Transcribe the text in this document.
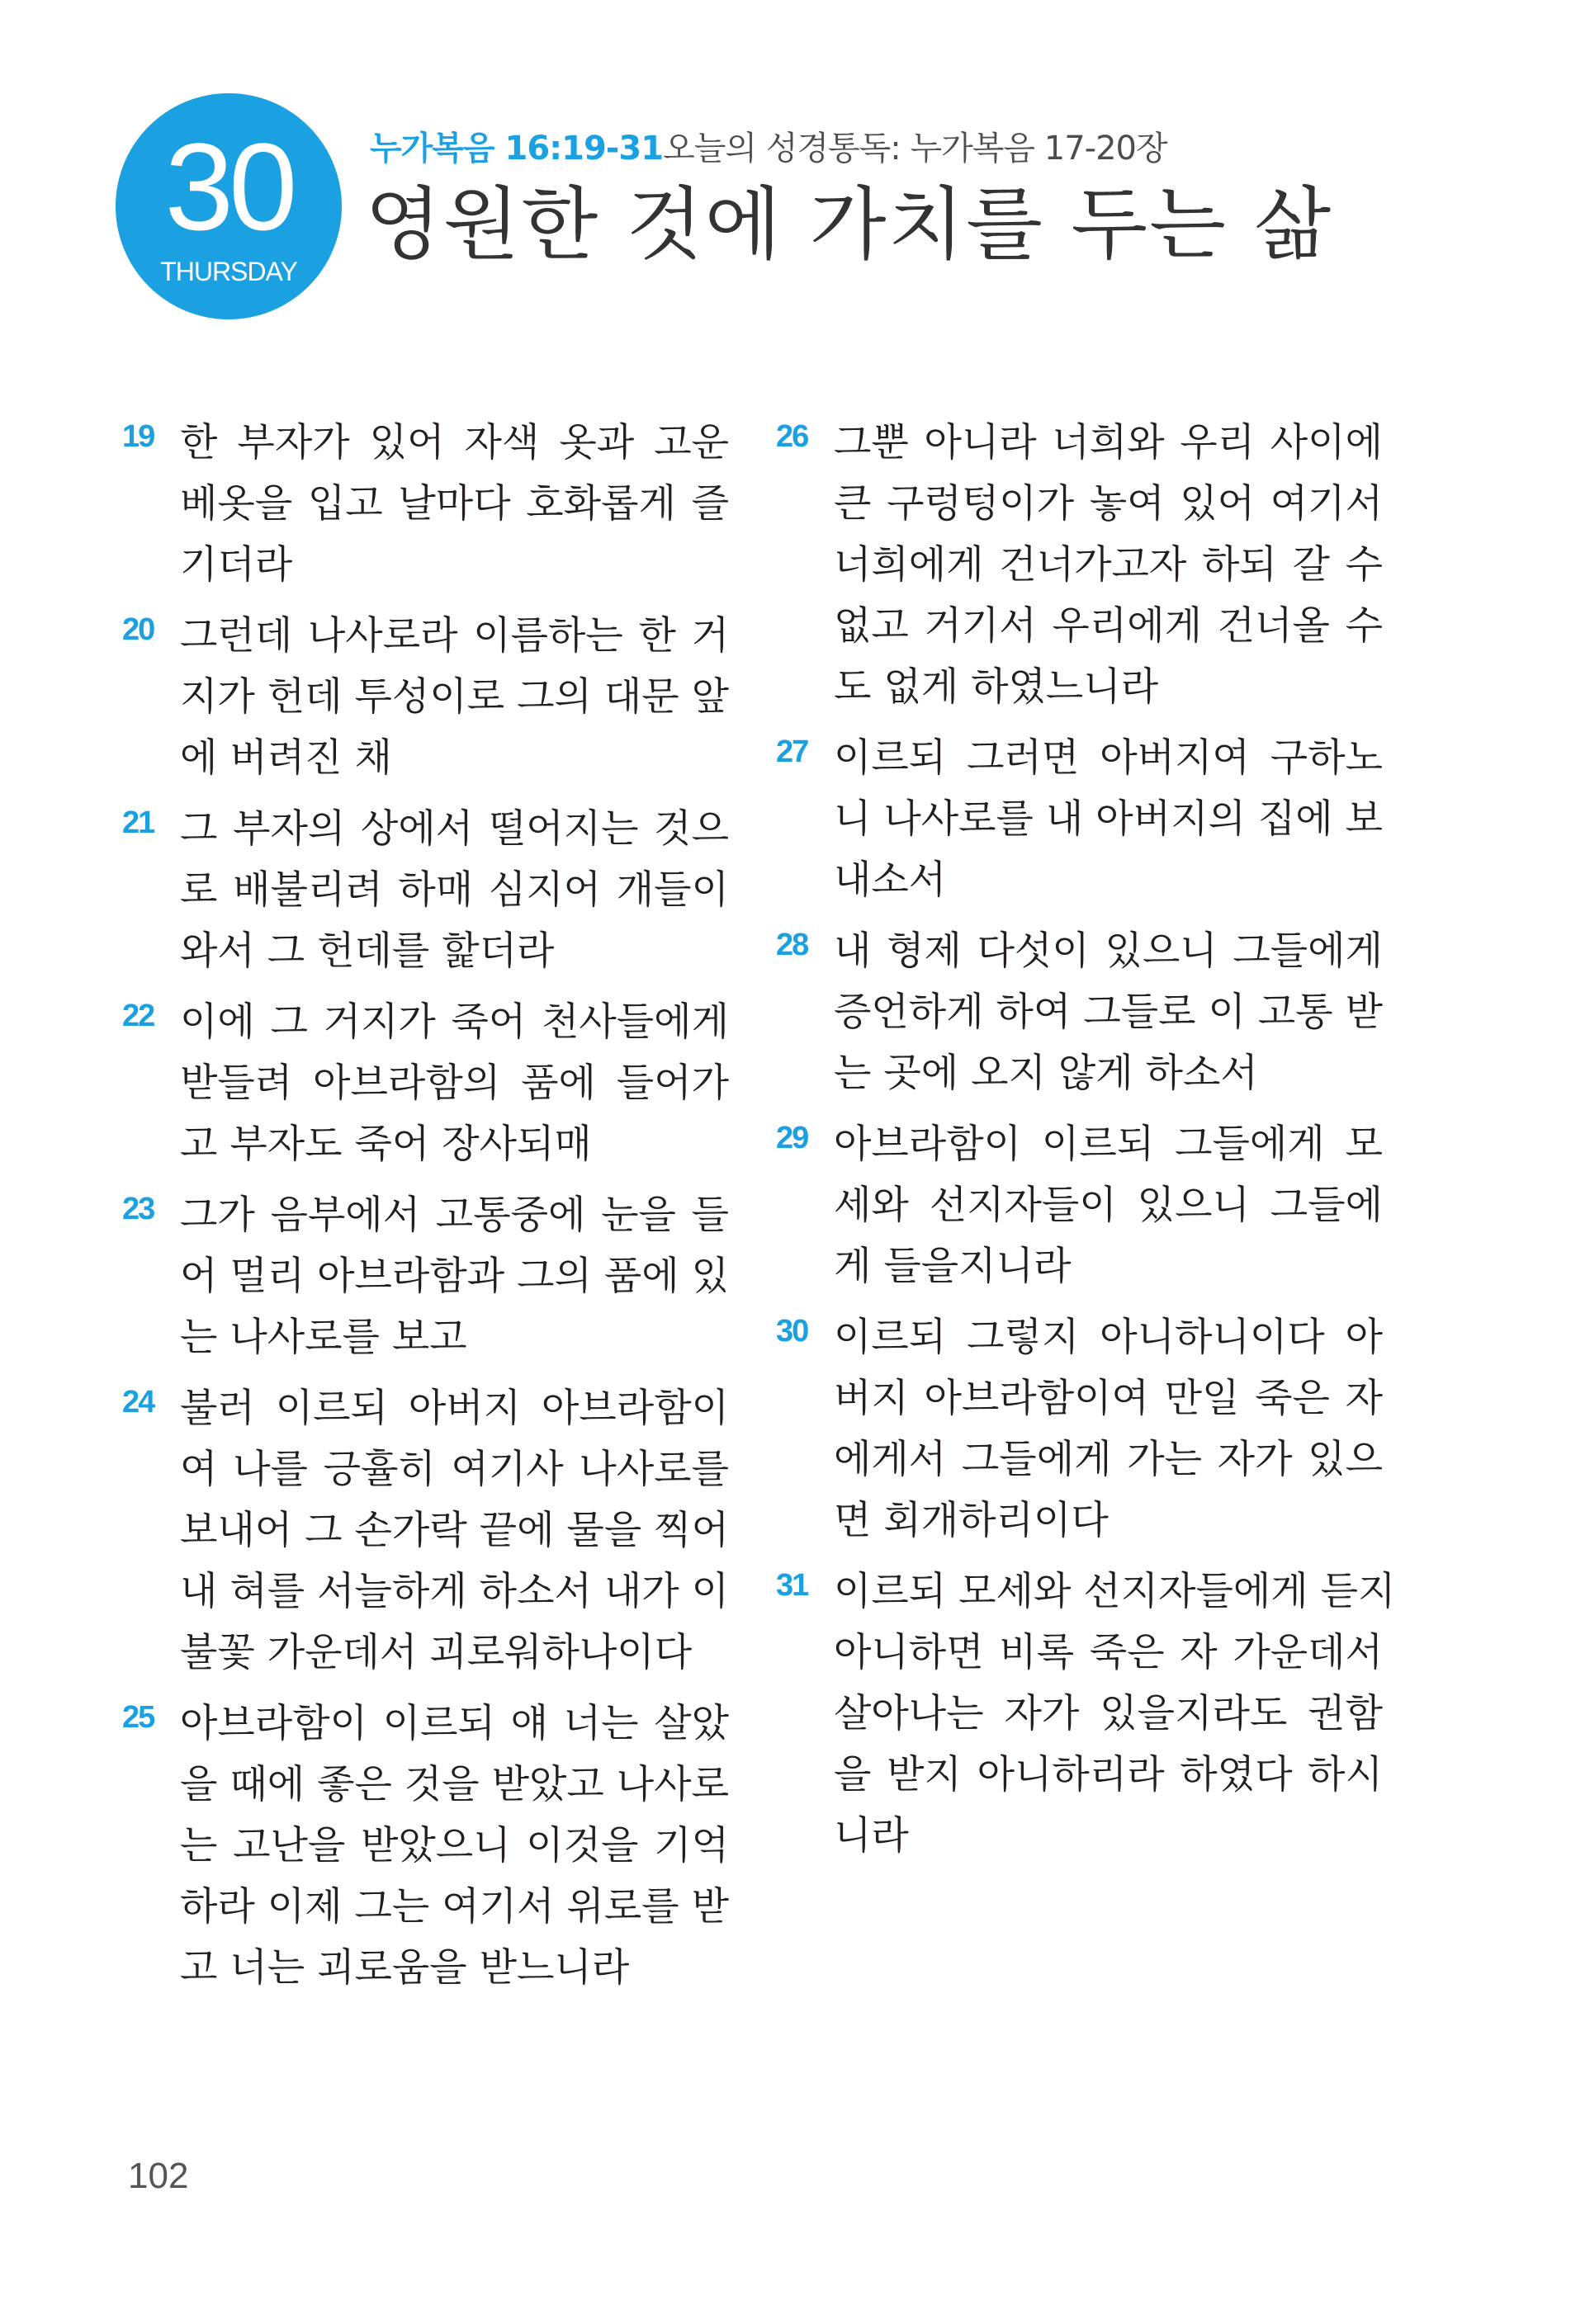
30
THURSDAY
누가복음 16:19-31오늘의 성경통독: 누가복음 17-20장
영원한 것에 가치를 두는 삶
19 한 부자가 있어 자색 옷과 고운
베옷을 입고 날마다 호화롭게 즐
기더라
20 그런데 나사로라 이름하는 한 거
지가 헌데 투성이로 그의 대문 앞
에 버려진 채
21 그 부자의 상에서 떨어지는 것으
로 배불리려 하매 심지어 개들이
와서 그 헌데를 핥더라
22 이에 그 거지가 죽어 천사들에게
받들려 아브라함의 품에 들어가
고 부자도 죽어 장사되매
23 그가 음부에서 고통중에 눈을 들
어 멀리 아브라함과 그의 품에 있
는 나사로를 보고
24 불러 이르되 아버지 아브라함이
여 나를 긍휼히 여기사 나사로를
보내어 그 손가락 끝에 물을 찍어
내 혀를 서늘하게 하소서 내가 이
불꽃 가운데서 괴로워하나이다
25 아브라함이 이르되 얘 너는 살았
을 때에 좋은 것을 받았고 나사로
는 고난을 받았으니 이것을 기억
하라 이제 그는 여기서 위로를 받
고 너는 괴로움을 받느니라
26 그뿐 아니라 너희와 우리 사이에
큰 구렁텅이가 놓여 있어 여기서
너희에게 건너가고자 하되 갈 수
없고 거기서 우리에게 건너올 수
도 없게 하였느니라
27 이르되 그러면 아버지여 구하노
니 나사로를 내 아버지의 집에 보
내소서
28 내 형제 다섯이 있으니 그들에게
증언하게 하여 그들로 이 고통 받
는 곳에 오지 않게 하소서
29 아브라함이 이르되 그들에게 모
세와 선지자들이 있으니 그들에
게 들을지니라
30 이르되 그렇지 아니하니이다 아
버지 아브라함이여 만일 죽은 자
에게서 그들에게 가는 자가 있으
면 회개하리이다
31 이르되 모세와 선지자들에게 듣지
아니하면 비록 죽은 자 가운데서
살아나는 자가 있을지라도 권함
을 받지 아니하리라 하였다 하시
니라
102
